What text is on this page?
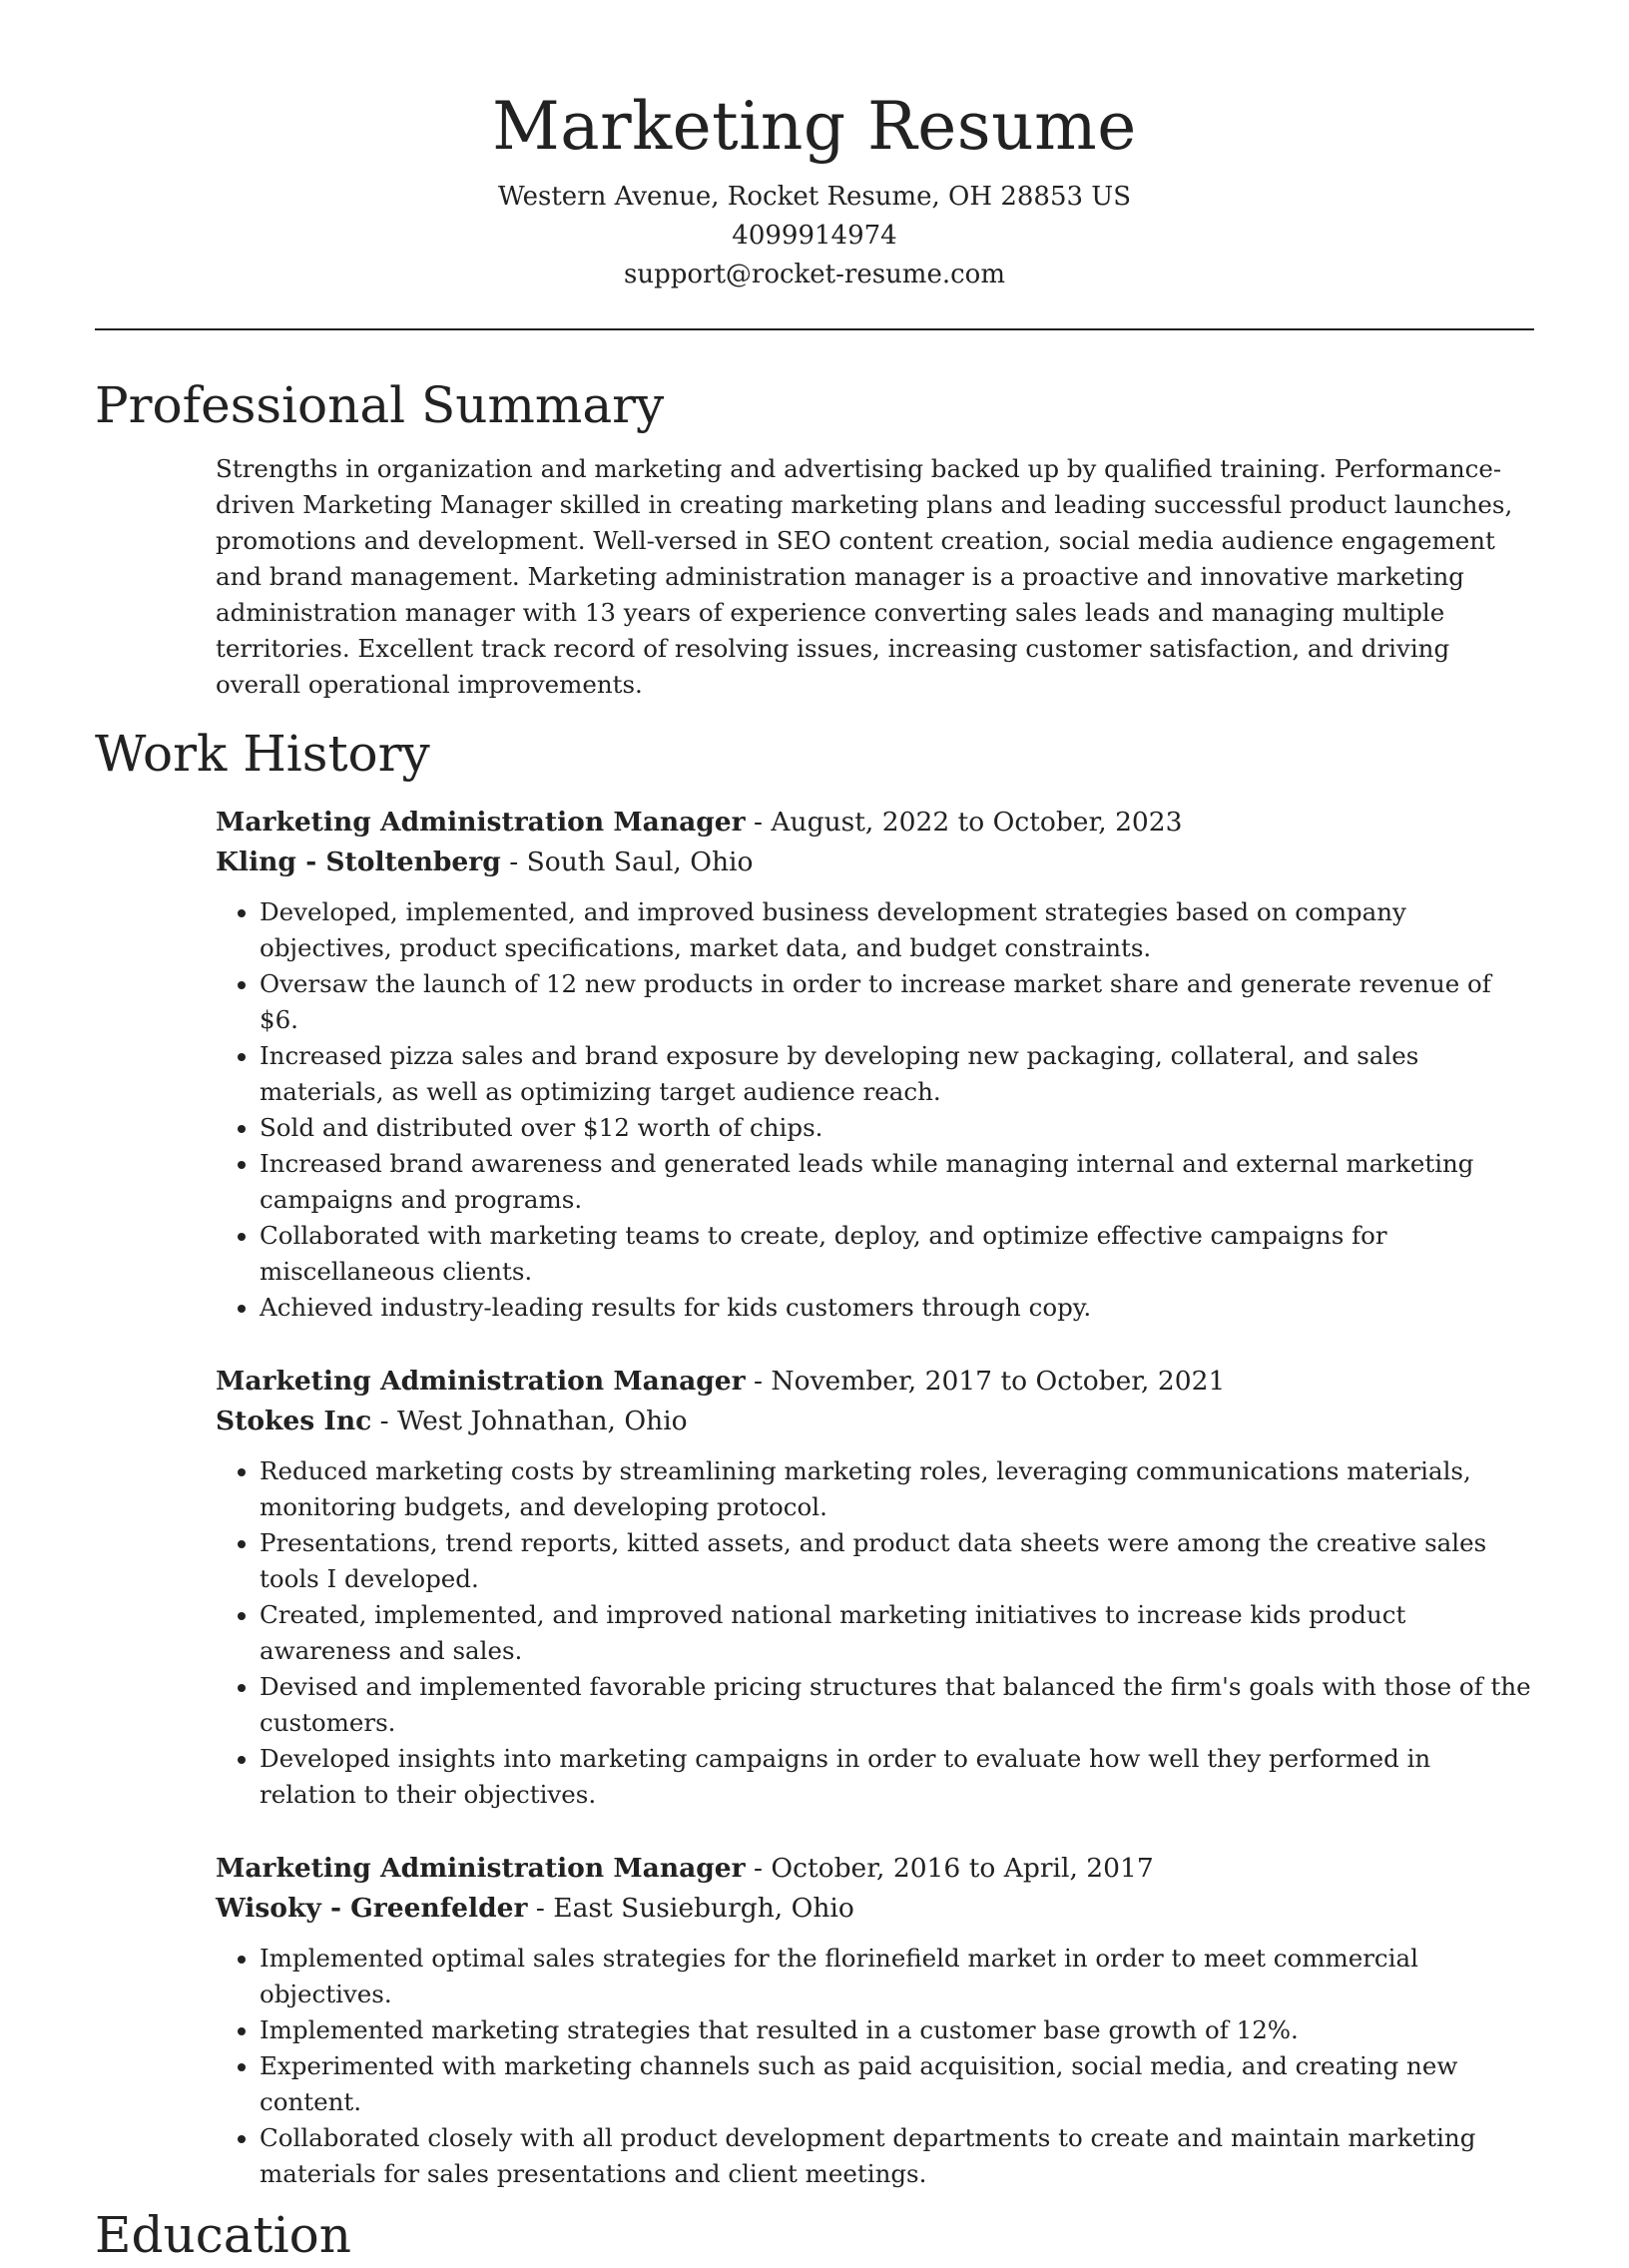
Marketing Resume
Western Avenue, Rocket Resume, OH 28853 US
4099914974
support@rocket-resume.com
Professional Summary
Strengths in organization and marketing and advertising backed up by qualified training. Performance-driven Marketing Manager skilled in creating marketing plans and leading successful product launches, promotions and development. Well-versed in SEO content creation, social media audience engagement and brand management. Marketing administration manager is a proactive and innovative marketing administration manager with 13 years of experience converting sales leads and managing multiple territories. Excellent track record of resolving issues, increasing customer satisfaction, and driving overall operational improvements.
Work History
Marketing Administration Manager - August, 2022 to October, 2023
Kling - Stoltenberg - South Saul, Ohio
• Developed, implemented, and improved business development strategies based on company objectives, product specifications, market data, and budget constraints.
• Oversaw the launch of 12 new products in order to increase market share and generate revenue of $6.
• Increased pizza sales and brand exposure by developing new packaging, collateral, and sales materials, as well as optimizing target audience reach.
• Sold and distributed over $12 worth of chips.
• Increased brand awareness and generated leads while managing internal and external marketing campaigns and programs.
• Collaborated with marketing teams to create, deploy, and optimize effective campaigns for miscellaneous clients.
• Achieved industry-leading results for kids customers through copy.
Marketing Administration Manager - November, 2017 to October, 2021
Stokes Inc - West Johnathan, Ohio
• Reduced marketing costs by streamlining marketing roles, leveraging communications materials, monitoring budgets, and developing protocol.
• Presentations, trend reports, kitted assets, and product data sheets were among the creative sales tools I developed.
• Created, implemented, and improved national marketing initiatives to increase kids product awareness and sales.
• Devised and implemented favorable pricing structures that balanced the firm's goals with those of the customers.
• Developed insights into marketing campaigns in order to evaluate how well they performed in relation to their objectives.
Marketing Administration Manager - October, 2016 to April, 2017
Wisoky - Greenfelder - East Susieburgh, Ohio
• Implemented optimal sales strategies for the florinefield market in order to meet commercial objectives.
• Implemented marketing strategies that resulted in a customer base growth of 12%.
• Experimented with marketing channels such as paid acquisition, social media, and creating new content.
• Collaborated closely with all product development departments to create and maintain marketing materials for sales presentations and client meetings.
Education
